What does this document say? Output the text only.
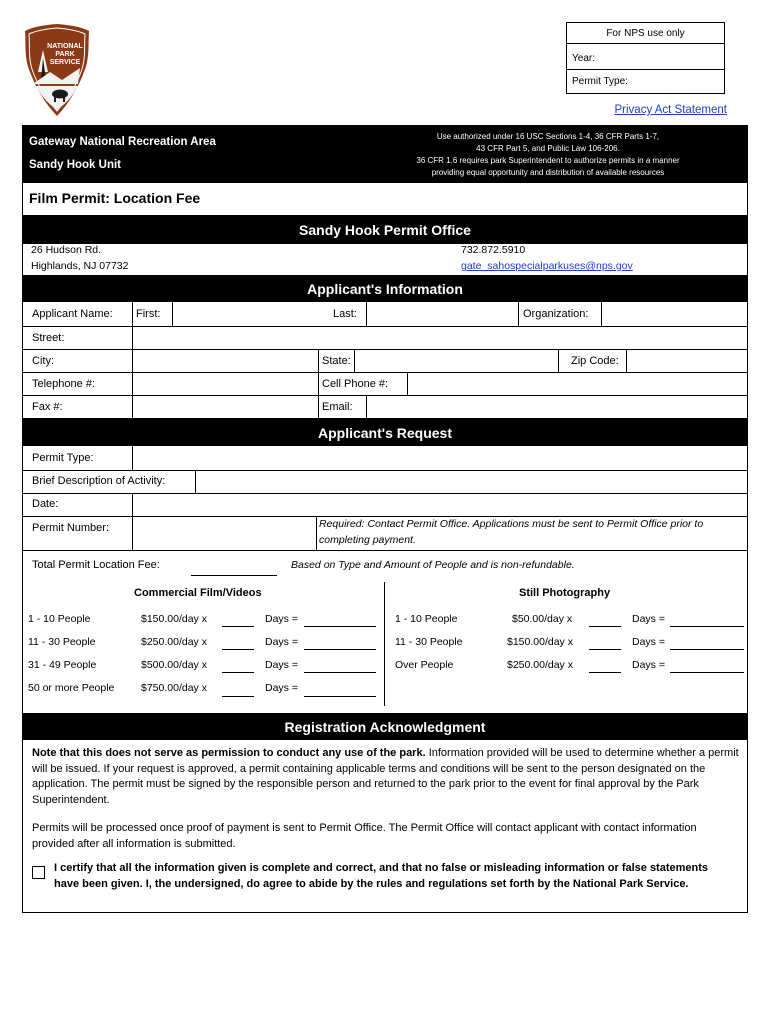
NATIONAL
PARK
SERVICE
For NPS use only
Year:
Permit Type:
Privacy Act Statement
Gateway National Recreation Area
Sandy Hook Unit
Use authorized under 16 USC Sections 1-4, 36 CFR Parts 1-7,
43 CFR Part 5, and Public Law 106-206.
36 CFR 1.6 requires park Superintendent to authorize permits in a manner
providing equal opportunity and distribution of available resources
Film Permit: Location Fee
Sandy Hook Permit Office
26 Hudson Rd.
Highlands, NJ 07732
732.872.5910
gate_sahospecialparkuses@nps.gov
Applicant's Information
Applicant Name: First:	Last:	Organization:
Street:
City:	State:	Zip Code:
Telephone #:	Cell Phone #:
Fax #:	Email:
Applicant's Request
Permit Type:
Brief Description of Activity:
Date:
Permit Number:	Required: Contact Permit Office. Applications must be sent to Permit Office prior to
completing payment.
Total Permit Location Fee:	Based on Type and Amount of People and is non-refundable.
Commercial Film/Videos	Still Photography
1 - 10 People	$150.00/day x	Days =
11 - 30 People	$250.00/day x	Days =
31 - 49 People	$500.00/day x	Days =
50 or more People	$750.00/day x	Days =
1 - 10 People	$50.00/day x	Days =
11 - 30 People	$150.00/day x	Days =
Over People	$250.00/day x	Days =
Registration Acknowledgment
Note that this does not serve as permission to conduct any use of the park. Information provided will be used to determine whether a permit will be issued. If your request is approved, a permit containing applicable terms and conditions will be sent to the person designated on the application. The permit must be signed by the responsible person and returned to the park prior to the event for final approval by the Park Superintendent.
Permits will be processed once proof of payment is sent to Permit Office. The Permit Office will contact applicant with contact information provided after all information is submitted.
I certify that all the information given is complete and correct, and that no false or misleading information or false statements have been given. I, the undersigned, do agree to abide by the rules and regulations set forth by the National Park Service.
